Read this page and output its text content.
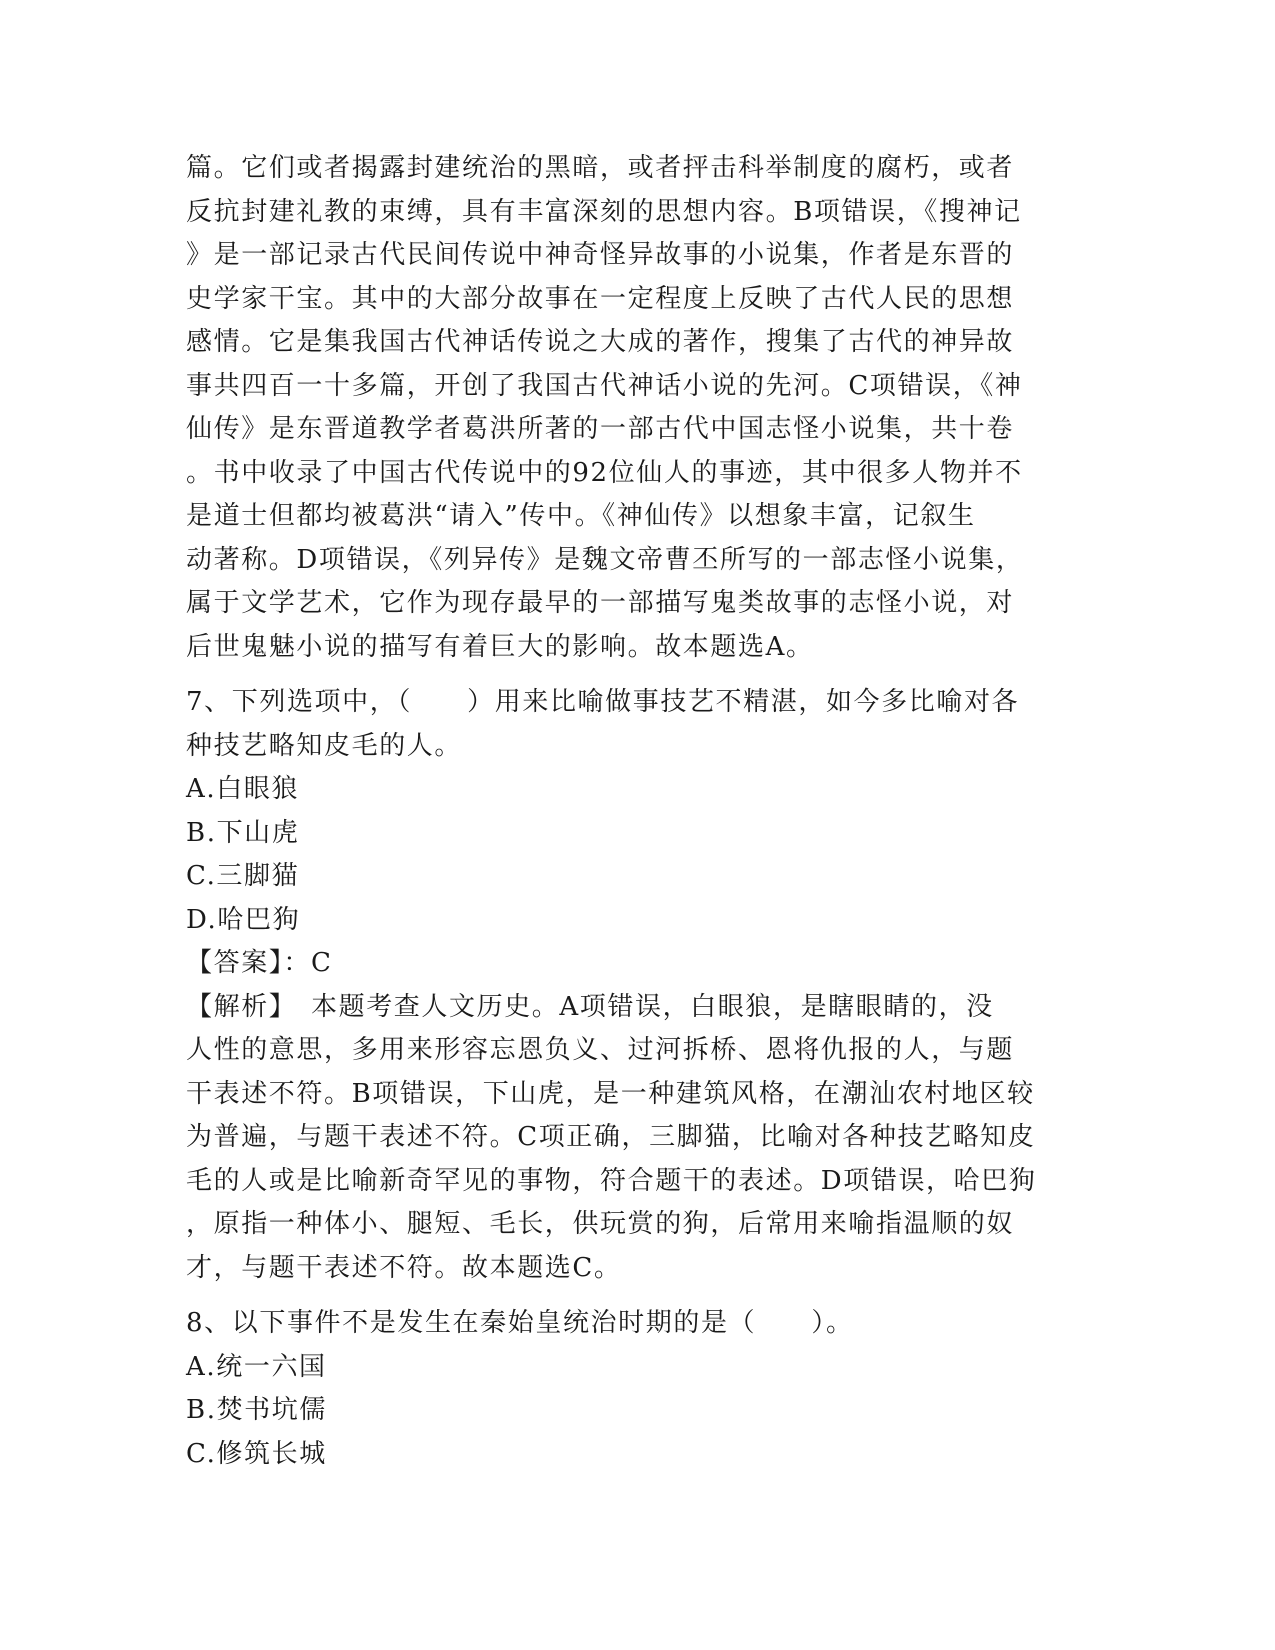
篇。它们或者揭露封建统治的黑暗，或者抨击科举制度的腐朽，或者
反抗封建礼教的束缚，具有丰富深刻的思想内容。B项错误，《搜神记
》是一部记录古代民间传说中神奇怪异故事的小说集，作者是东晋的
史学家干宝。其中的大部分故事在一定程度上反映了古代人民的思想
感情。它是集我国古代神话传说之大成的著作，搜集了古代的神异故
事共四百一十多篇，开创了我国古代神话小说的先河。C项错误，《神
仙传》是东晋道教学者葛洪所著的一部古代中国志怪小说集，共十卷
。书中收录了中国古代传说中的92位仙人的事迹，其中很多人物并不
是道士但都均被葛洪“请入”传中。《神仙传》以想象丰富，记叙生
动著称。D项错误，《列异传》是魏文帝曹丕所写的一部志怪小说集，
属于文学艺术，它作为现存最早的一部描写鬼类故事的志怪小说，对
后世鬼魅小说的描写有着巨大的影响。故本题选A。
7、下列选项中，（　　）用来比喻做事技艺不精湛，如今多比喻对各
种技艺略知皮毛的人。
A.白眼狼
B.下山虎
C.三脚猫
D.哈巴狗
【答案】：C
【解析】　本题考查人文历史。A项错误，白眼狼，是瞎眼睛的，没
人性的意思，多用来形容忘恩负义、过河拆桥、恩将仇报的人，与题
干表述不符。B项错误，下山虎，是一种建筑风格，在潮汕农村地区较
为普遍，与题干表述不符。C项正确，三脚猫，比喻对各种技艺略知皮
毛的人或是比喻新奇罕见的事物，符合题干的表述。D项错误，哈巴狗
，原指一种体小、腿短、毛长，供玩赏的狗，后常用来喻指温顺的奴
才，与题干表述不符。故本题选C。
8、以下事件不是发生在秦始皇统治时期的是（　　）。
A.统一六国
B.焚书坑儒
C.修筑长城
